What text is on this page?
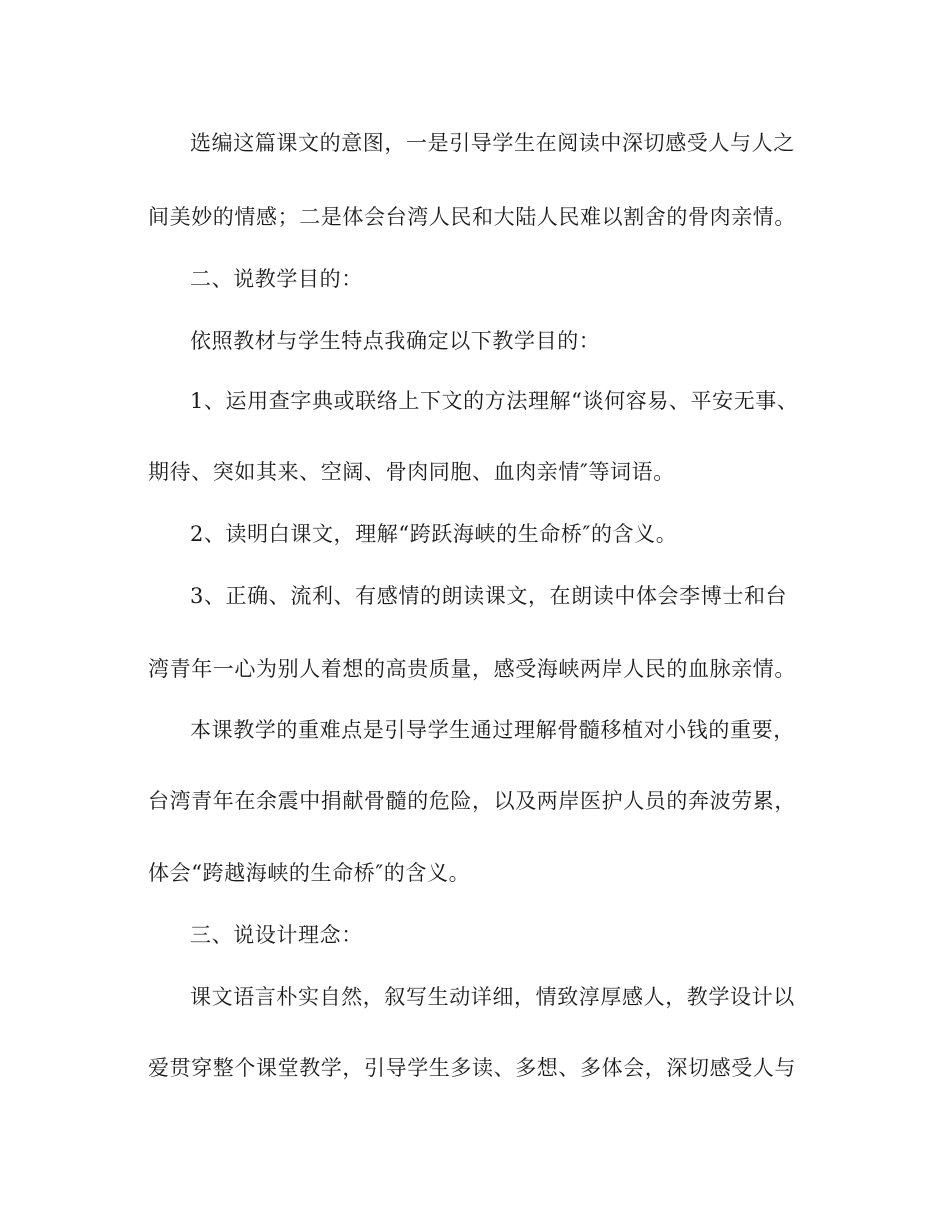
选编这篇课文的意图，一是引导学生在阅读中深切感受人与人之
间美妙的情感；二是体会台湾人民和大陆人民难以割舍的骨肉亲情。
二、说教学目的：
依照教材与学生特点我确定以下教学目的：
1、运用查字典或联络上下文的方法理解“谈何容易、平安无事、
期待、突如其来、空阔、骨肉同胞、血肉亲情″等词语。
2、读明白课文，理解“跨跃海峡的生命桥″的含义。
3、正确、流利、有感情的朗读课文，在朗读中体会李博士和台
湾青年一心为别人着想的高贵质量，感受海峡两岸人民的血脉亲情。
本课教学的重难点是引导学生通过理解骨髓移植对小钱的重要，
台湾青年在余震中捐献骨髓的危险，以及两岸医护人员的奔波劳累，
体会“跨越海峡的生命桥″的含义。
三、说设计理念：
课文语言朴实自然，叙写生动详细，情致淳厚感人，教学设计以
爱贯穿整个课堂教学，引导学生多读、多想、多体会，深切感受人与
